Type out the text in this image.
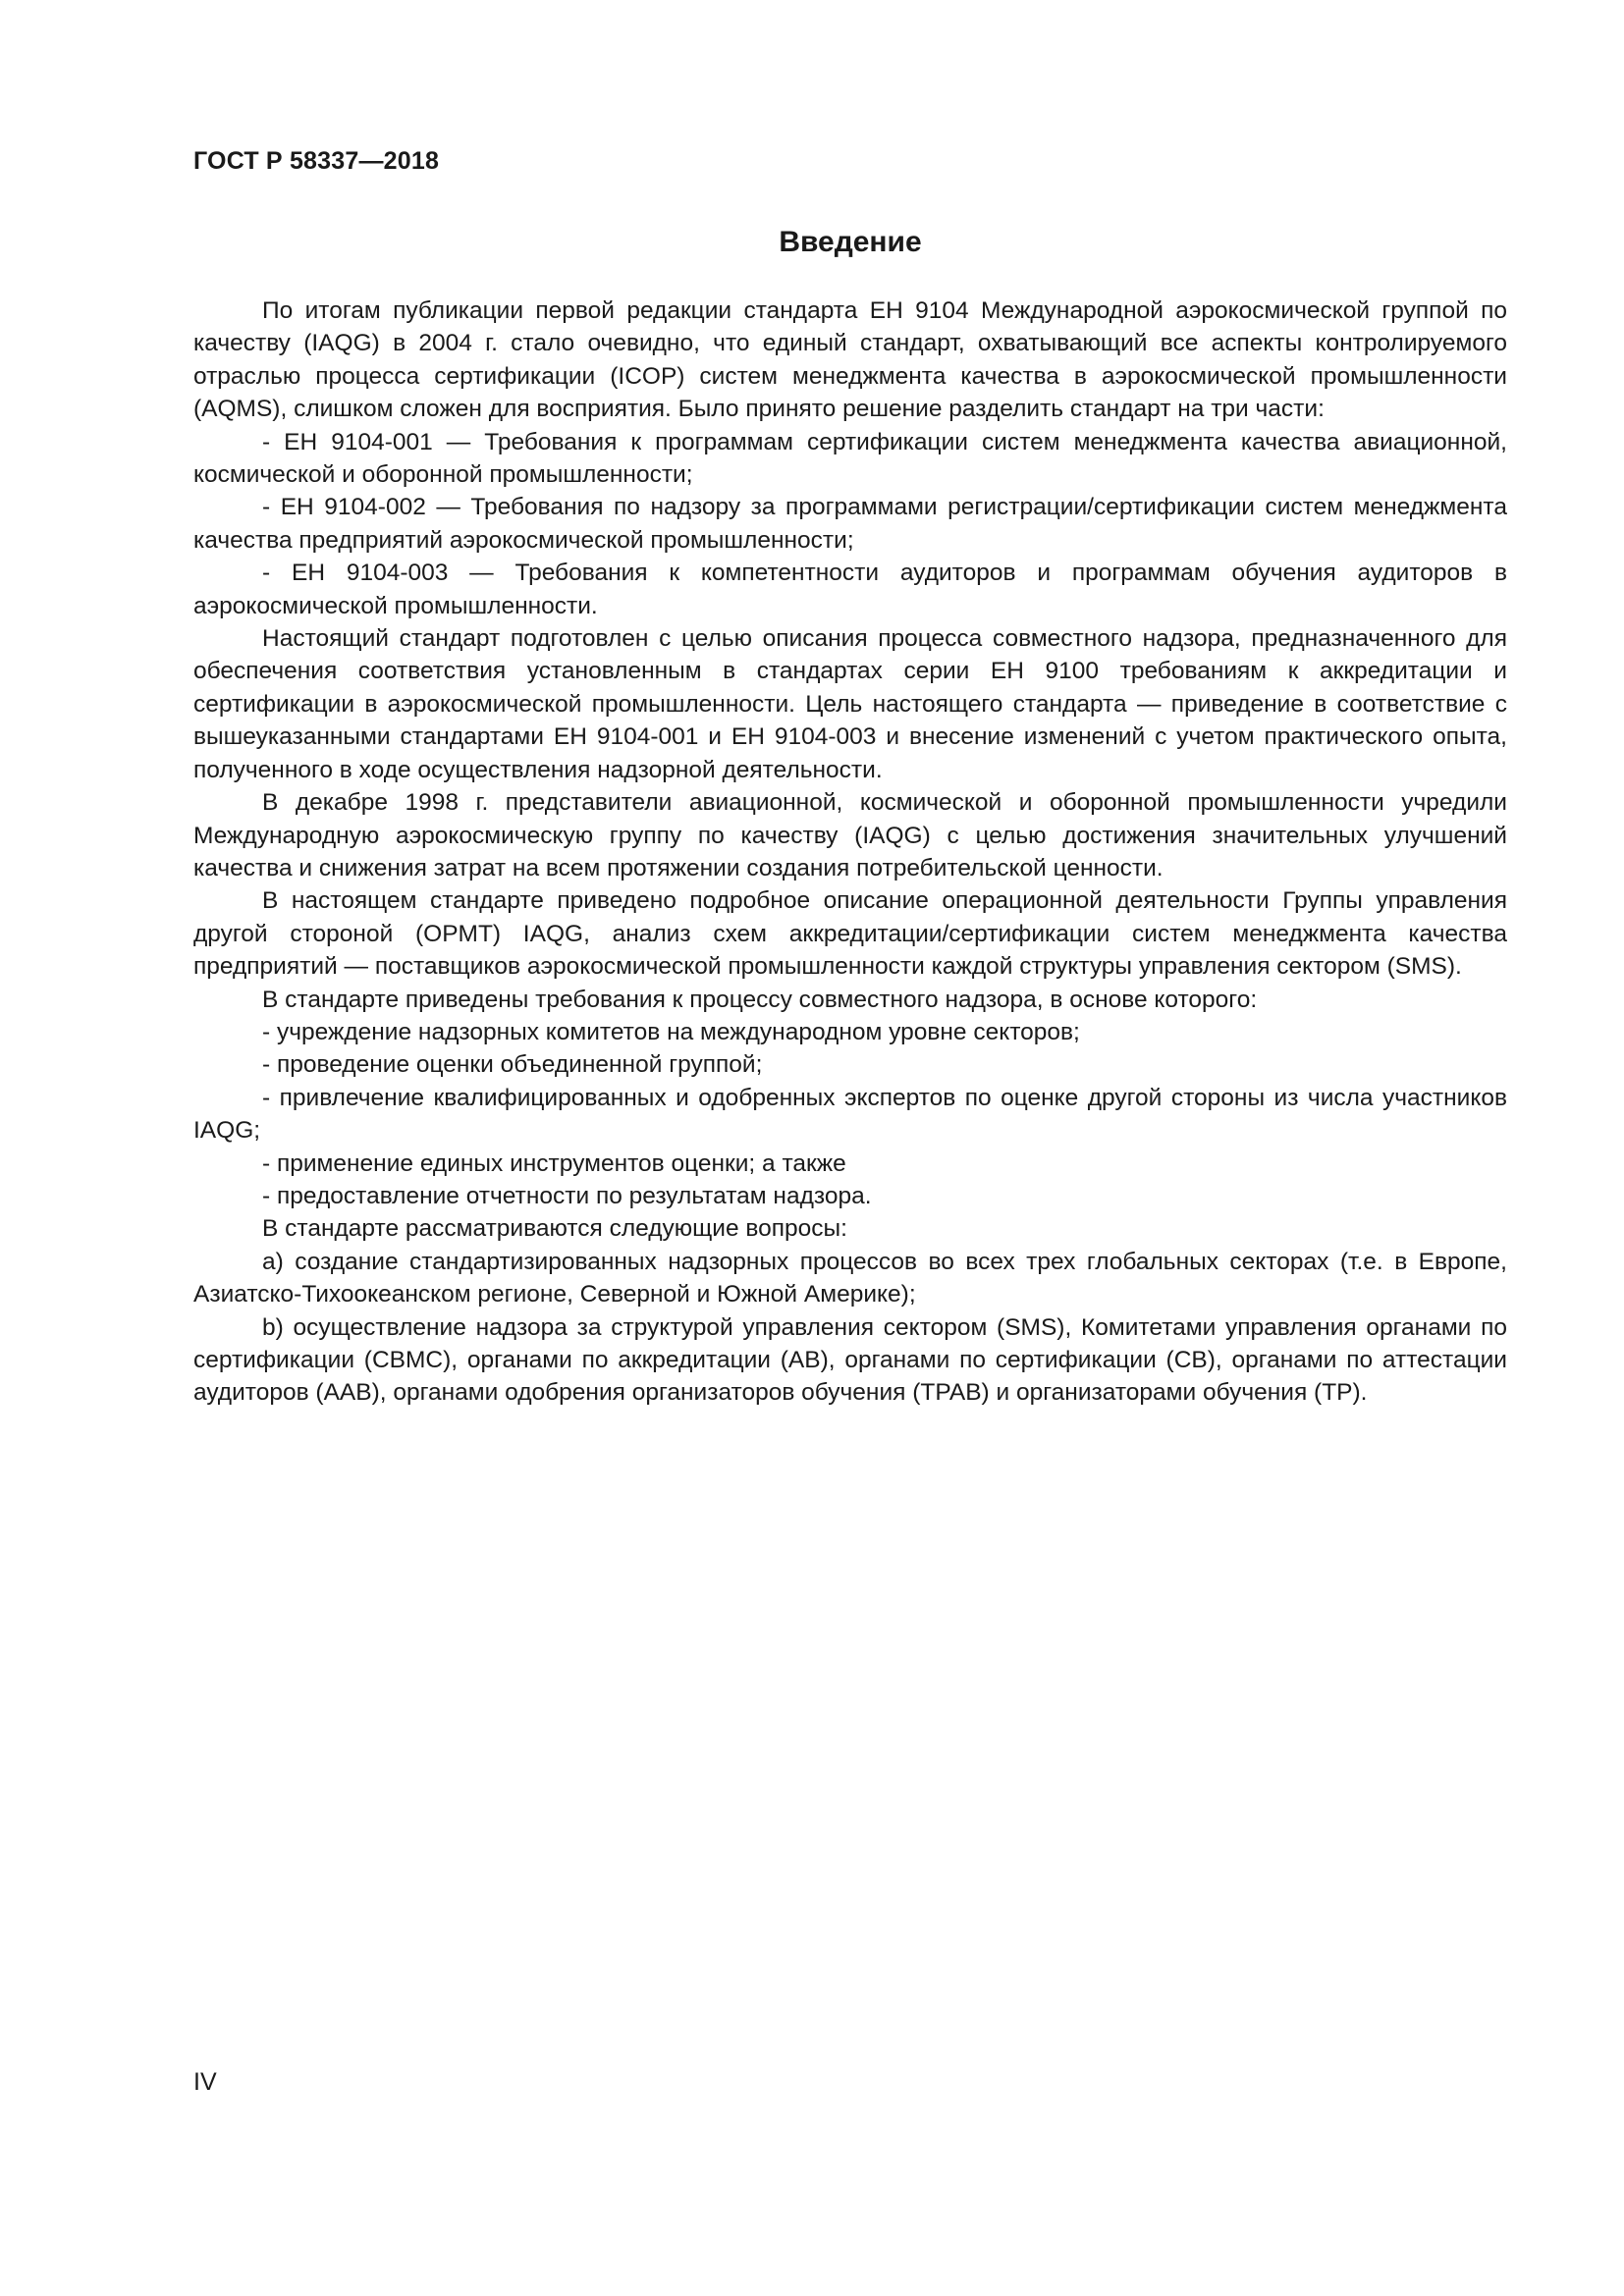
ГОСТ Р 58337—2018
Введение

По итогам публикации первой редакции стандарта ЕН 9104 Международной аэрокосмической группой по качеству (IAQG) в 2004 г. стало очевидно, что единый стандарт, охватывающий все аспекты контролируемого отраслью процесса сертификации (ICOP) систем менеджмента качества в аэрокосмической промышленности (AQMS), слишком сложен для восприятия. Было принято решение разделить стандарт на три части:

- ЕН 9104-001 — Требования к программам сертификации систем менеджмента качества авиационной, космической и оборонной промышленности;

- ЕН 9104-002 — Требования по надзору за программами регистрации/сертификации систем менеджмента качества предприятий аэрокосмической промышленности;

- ЕН 9104-003 — Требования к компетентности аудиторов и программам обучения аудиторов в аэрокосмической промышленности.

Настоящий стандарт подготовлен с целью описания процесса совместного надзора, предназначенного для обеспечения соответствия установленным в стандартах серии ЕН 9100 требованиям к аккредитации и сертификации в аэрокосмической промышленности. Цель настоящего стандарта — приведение в соответствие с вышеуказанными стандартами ЕН 9104-001 и ЕН 9104-003 и внесение изменений с учетом практического опыта, полученного в ходе осуществления надзорной деятельности.

В декабре 1998 г. представители авиационной, космической и оборонной промышленности учредили Международную аэрокосмическую группу по качеству (IAQG) с целью достижения значительных улучшений качества и снижения затрат на всем протяжении создания потребительской ценности.

В настоящем стандарте приведено подробное описание операционной деятельности Группы управления другой стороной (OPMT) IAQG, анализ схем аккредитации/сертификации систем менеджмента качества предприятий — поставщиков аэрокосмической промышленности каждой структуры управления сектором (SMS).

В стандарте приведены требования к процессу совместного надзора, в основе которого:

- учреждение надзорных комитетов на международном уровне секторов;

- проведение оценки объединенной группой;

- привлечение квалифицированных и одобренных экспертов по оценке другой стороны из числа участников IAQG;

- применение единых инструментов оценки; а также

- предоставление отчетности по результатам надзора.

В стандарте рассматриваются следующие вопросы:

а) создание стандартизированных надзорных процессов во всех трех глобальных секторах (т.е. в Европе, Азиатско-Тихоокеанском регионе, Северной и Южной Америке);

b) осуществление надзора за структурой управления сектором (SMS), Комитетами управления органами по сертификации (CBMC), органами по аккредитации (AB), органами по сертификации (CB), органами по аттестации аудиторов (AAB), органами одобрения организаторов обучения (TPAB) и организаторами обучения (TP).

IV
